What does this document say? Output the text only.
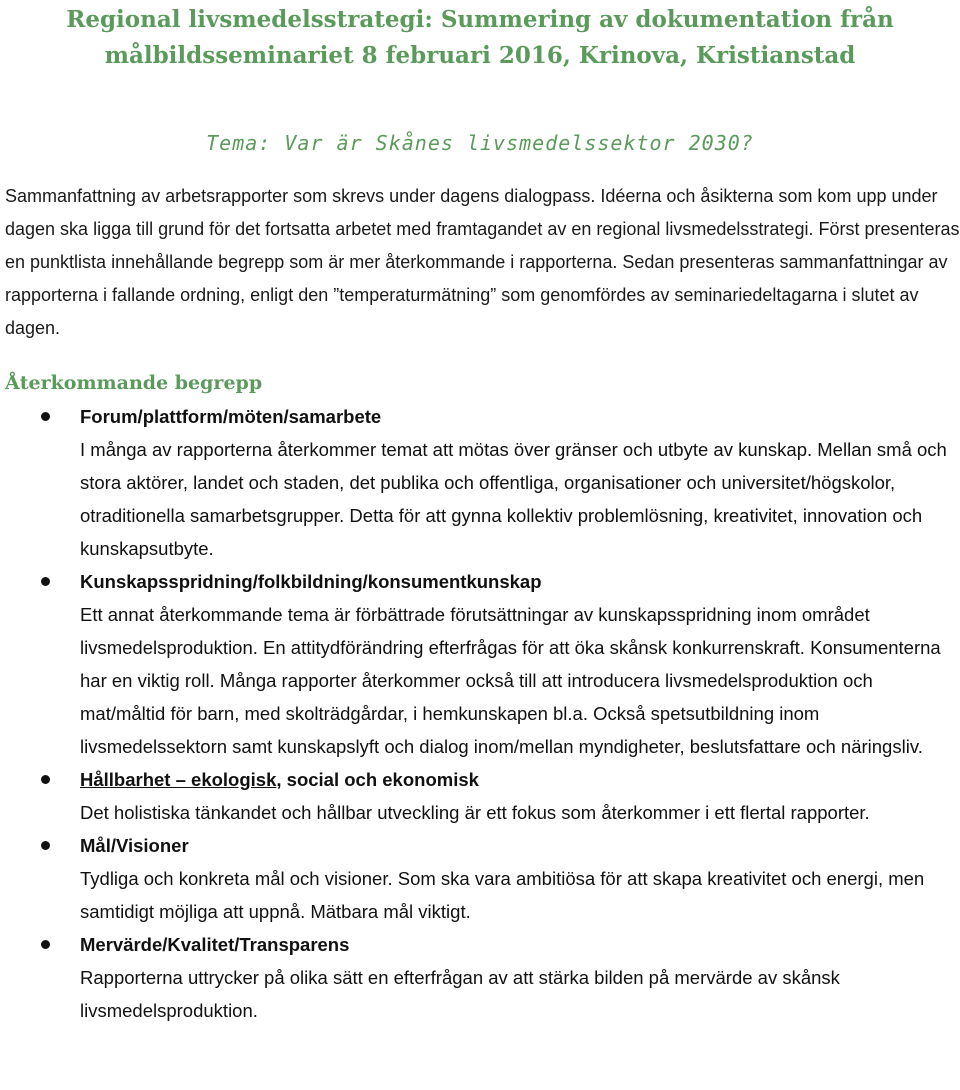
Regional livsmedelsstrategi: Summering av dokumentation från
målbildsseminariet 8 februari 2016, Krinova, Kristianstad
Tema: Var är Skånes livsmedelssektor 2030?

Sammanfattning av arbetsrapporter som skrevs under dagens dialogpass. Idéerna och åsikterna som kom upp under dagen ska ligga till grund för det fortsatta arbetet med framtagandet av en regional livsmedelsstrategi. Först presenteras en punktlista innehållande begrepp som är mer återkommande i rapporterna. Sedan presenteras sammanfattningar av rapporterna i fallande ordning, enligt den ”temperaturmätning” som genomfördes av seminariedeltagarna i slutet av dagen.

Återkommande begrepp
Forum/plattform/möten/samarbete

I många av rapporterna återkommer temat att mötas över gränser och utbyte av kunskap. Mellan små och stora aktörer, landet och staden, det publika och offentliga, organisationer och universitet/högskolor, otraditionella samarbetsgrupper. Detta för att gynna kollektiv problemlösning, kreativitet, innovation och kunskapsutbyte.

Kunskapsspridning/folkbildning/konsumentkunskap

Ett annat återkommande tema är förbättrade förutsättningar av kunskapsspridning inom området livsmedelsproduktion. En attitydförändring efterfrågas för att öka skånsk konkurrenskraft. Konsumenterna har en viktig roll. Många rapporter återkommer också till att introducera livsmedelsproduktion och mat/måltid för barn, med skolträdgårdar, i hemkunskapen bl.a. Också spetsutbildning inom livsmedelssektorn samt kunskapslyft och dialog inom/mellan myndigheter, beslutsfattare och näringsliv.

Hållbarhet – ekologisk, social och ekonomisk

Det holistiska tänkandet och hållbar utveckling är ett fokus som återkommer i ett flertal rapporter.

Mål/Visioner

Tydliga och konkreta mål och visioner. Som ska vara ambitiösa för att skapa kreativitet och energi, men samtidigt möjliga att uppnå. Mätbara mål viktigt.

Mervärde/Kvalitet/Transparens

Rapporterna uttrycker på olika sätt en efterfrågan av att stärka bilden på mervärde av skånsk livsmedelsproduktion.
